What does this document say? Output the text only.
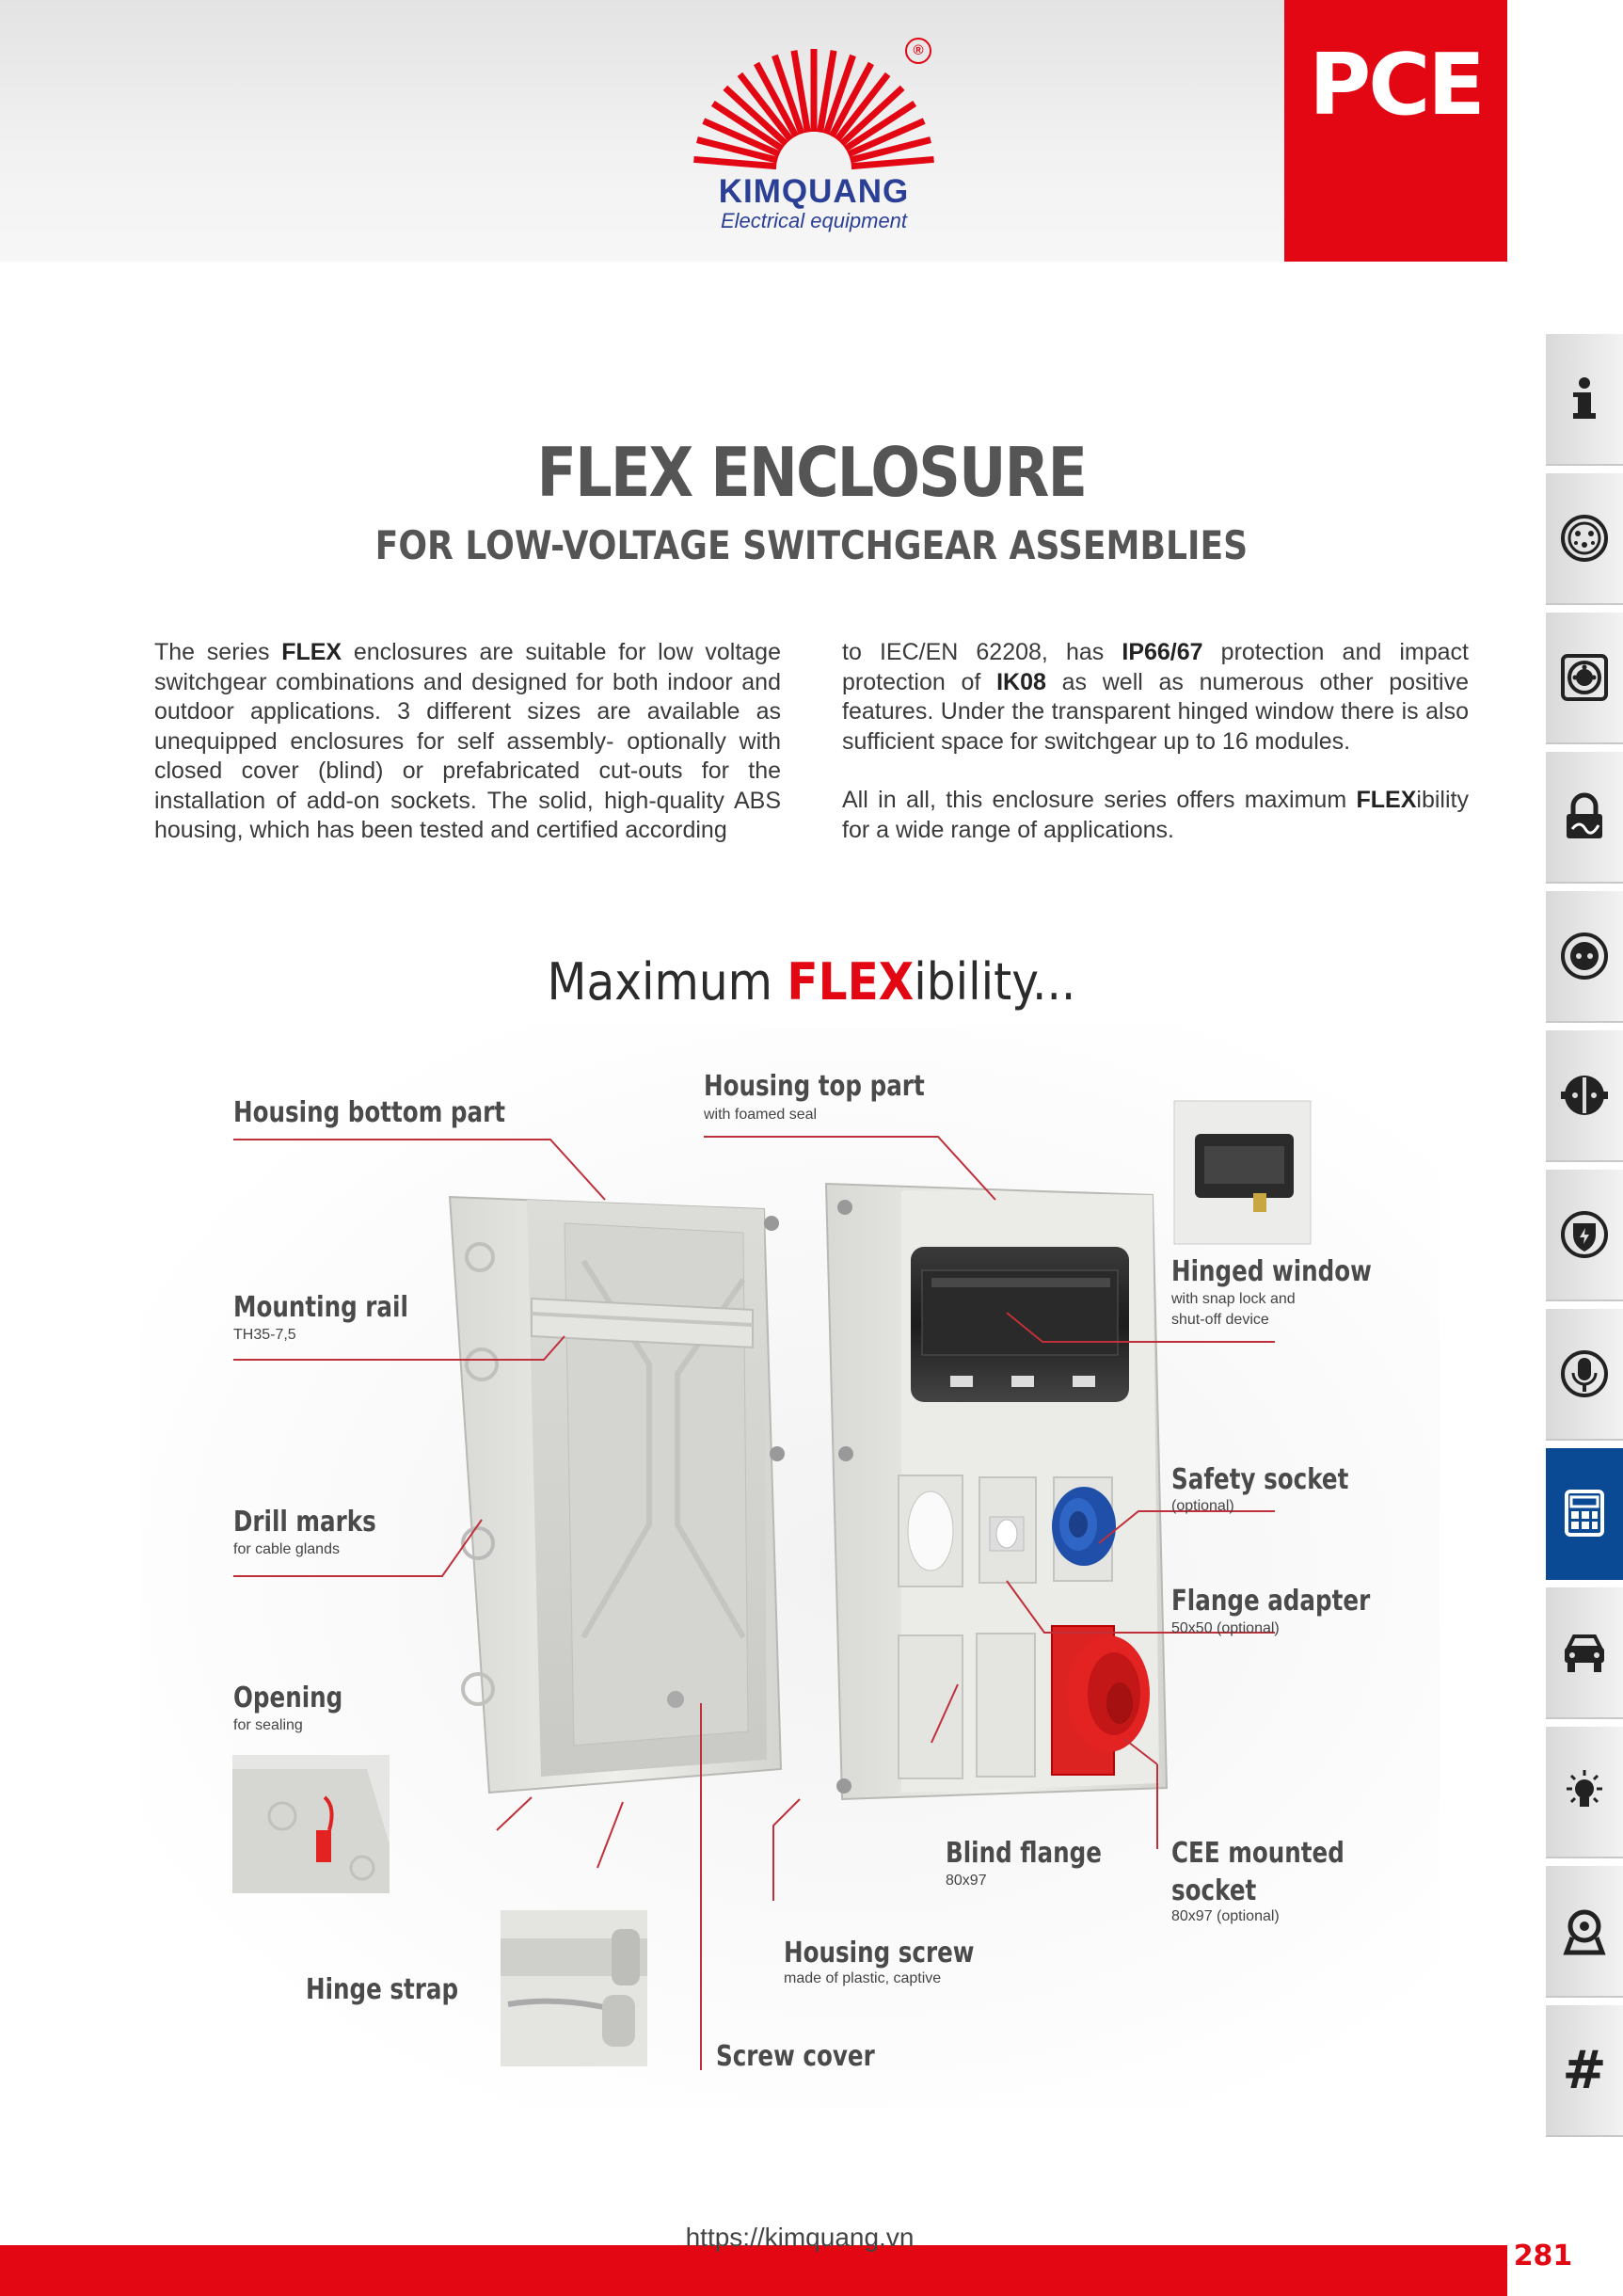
®
KIMQUANG
Electrical equipment
PCE
#
FLEX ENCLOSURE
FOR LOW-VOLTAGE SWITCHGEAR ASSEMBLIES
The series FLEX enclosures are suitable for low voltage switchgear combinations and designed for both indoor and outdoor applications. 3 different sizes are available as unequipped enclosures for self assembly- optionally with closed cover (blind) or prefabricated cut-outs for the installation of add-on sockets. The solid, high-quality ABS housing, which has been tested and certified according
to IEC/EN 62208, has IP66/67 protection and impact protection of IK08 as well as numerous other positive features. Under the transparent hinged window there is also sufficient space for switchgear up to 16 modules.
All in all, this enclosure series offers maximum FLEXibility for a wide range of applications.
Maximum FLEXibility...
Housing bottom part
Housing top part
with foamed seal
Hinged window
with snap lock and
shut-off device
Mounting rail
TH35-7,5
Safety socket
(optional)
Drill marks
for cable glands
Flange adapter
50x50 (optional)
Opening
for sealing
Blind flange
80x97
CEE mounted
socket
80x97 (optional)
Housing screw
made of plastic, captive
Hinge strap
Screw cover
https://kimquang.vn
281
